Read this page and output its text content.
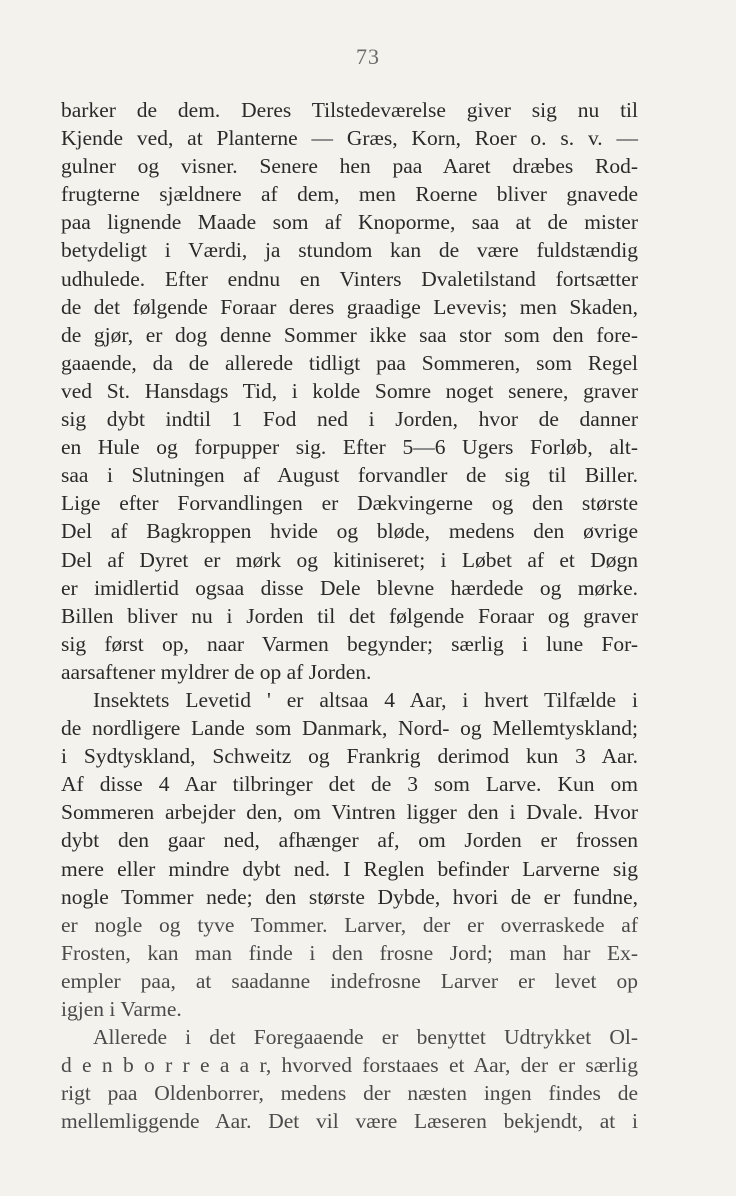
73
barker de dem. Deres Tilstedeværelse giver sig nu til
Kjende ved, at Planterne — Græs, Korn, Roer o. s. v. —
gulner og visner. Senere hen paa Aaret dræbes Rod-
frugterne sjældnere af dem, men Roerne bliver gnavede
paa lignende Maade som af Knoporme, saa at de mister
betydeligt i Værdi, ja stundom kan de være fuldstændig
udhulede. Efter endnu en Vinters Dvaletilstand fortsætter
de det følgende Foraar deres graadige Levevis; men Skaden,
de gjør, er dog denne Sommer ikke saa stor som den fore-
gaaende, da de allerede tidligt paa Sommeren, som Regel
ved St. Hansdags Tid, i kolde Somre noget senere, graver
sig dybt indtil 1 Fod ned i Jorden, hvor de danner
en Hule og forpupper sig. Efter 5—6 Ugers Forløb, alt-
saa i Slutningen af August forvandler de sig til Biller.
Lige efter Forvandlingen er Dækvingerne og den største
Del af Bagkroppen hvide og bløde, medens den øvrige
Del af Dyret er mørk og kitiniseret; i Løbet af et Døgn
er imidlertid ogsaa disse Dele blevne hærdede og mørke.
Billen bliver nu i Jorden til det følgende Foraar og graver
sig først op, naar Varmen begynder; særlig i lune For-
aarsaftener myldrer de op af Jorden.
Insektets Levetid ' er altsaa 4 Aar, i hvert Tilfælde i
de nordligere Lande som Danmark, Nord- og Mellemtyskland;
i Sydtyskland, Schweitz og Frankrig derimod kun 3 Aar.
Af disse 4 Aar tilbringer det de 3 som Larve. Kun om
Sommeren arbejder den, om Vintren ligger den i Dvale. Hvor
dybt den gaar ned, afhænger af, om Jorden er frossen
mere eller mindre dybt ned. I Reglen befinder Larverne sig
nogle Tommer nede; den største Dybde, hvori de er fundne,
er nogle og tyve Tommer. Larver, der er overraskede af
Frosten, kan man finde i den frosne Jord; man har Ex-
empler paa, at saadanne indefrosne Larver er levet op
igjen i Varme.
Allerede i det Foregaaende er benyttet Udtrykket Ol-
d e n b o r r e a a r, hvorved forstaaes et Aar, der er særlig
rigt paa Oldenborrer, medens der næsten ingen findes de
mellemliggende Aar. Det vil være Læseren bekjendt, at i
